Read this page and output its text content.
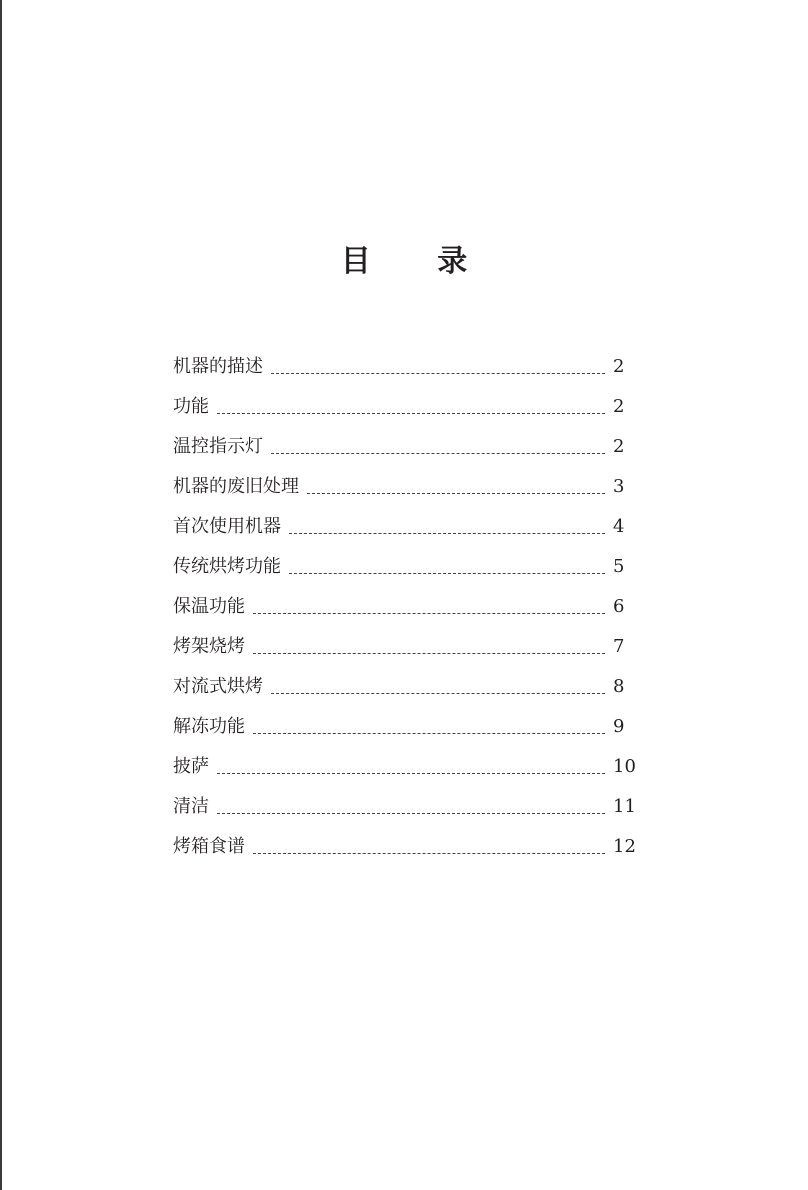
目 录
机器的描述	2
功能	2
温控指示灯	2
机器的废旧处理	3
首次使用机器	4
传统烘烤功能	5
保温功能	6
烤架烧烤	7
对流式烘烤	8
解冻功能	9
披萨	10
清洁	11
烤箱食谱	12
